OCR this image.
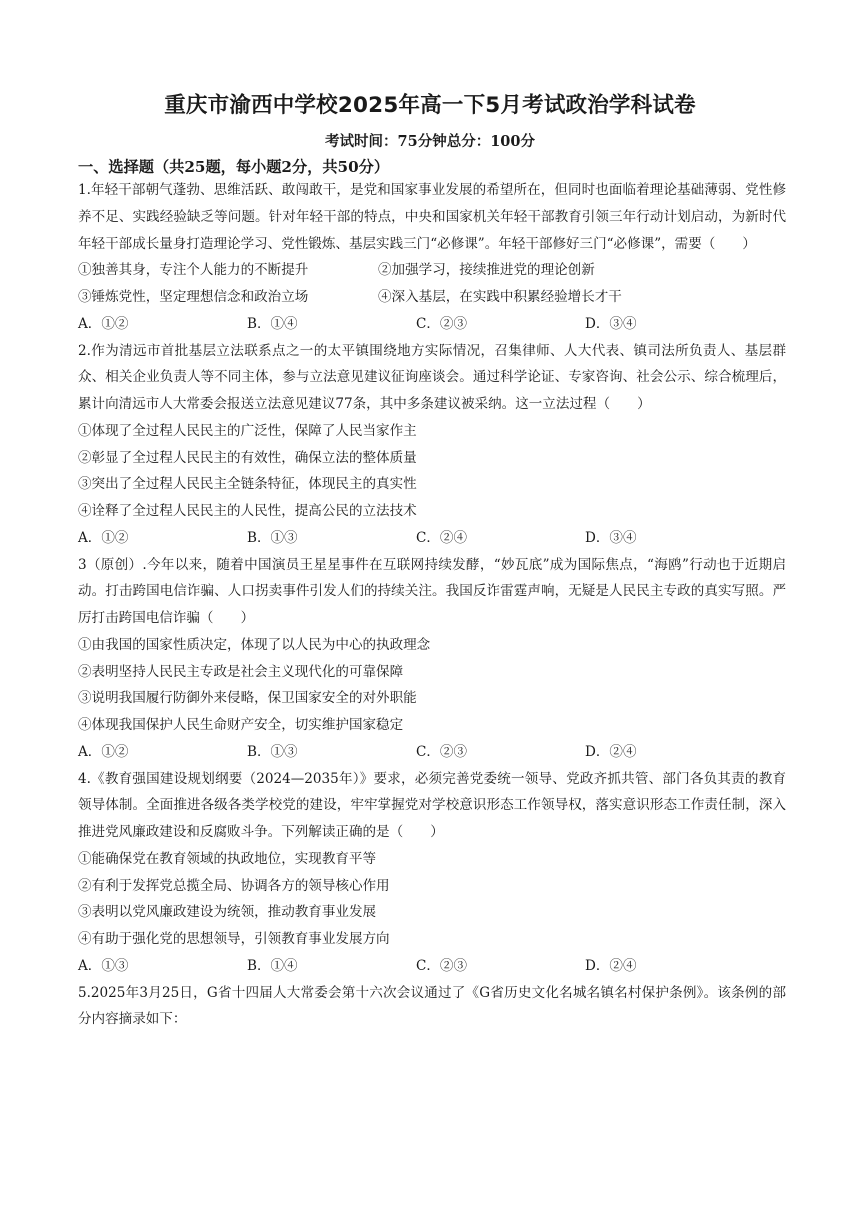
重庆市渝西中学校2025年高一下5月考试政治学科试卷
考试时间：75分钟总分：100分
一、选择题（共25题，每小题2分，共50分）

1.年轻干部朝气蓬勃、思维活跃、敢闯敢干，是党和国家事业发展的希望所在，但同时也面临着理论基础薄弱、党性修养不足、实践经验缺乏等问题。针对年轻干部的特点，中央和国家机关年轻干部教育引领三年行动计划启动，为新时代年轻干部成长量身打造理论学习、党性锻炼、基层实践三门“必修课”。年轻干部修好三门“必修课”，需要（　　）

①独善其身，专注个人能力的不断提升	②加强学习，接续推进党的理论创新
③锤炼党性，坚定理想信念和政治立场	④深入基层，在实践中积累经验增长才干
A．①②	B．①④	C．②③	D．③④

2.作为清远市首批基层立法联系点之一的太平镇围绕地方实际情况，召集律师、人大代表、镇司法所负责人、基层群众、相关企业负责人等不同主体，参与立法意见建议征询座谈会。通过科学论证、专家咨询、社会公示、综合梳理后，累计向清远市人大常委会报送立法意见建议77条，其中多条建议被采纳。这一立法过程（　　）

①体现了全过程人民民主的广泛性，保障了人民当家作主

②彰显了全过程人民民主的有效性，确保立法的整体质量

③突出了全过程人民民主全链条特征，体现民主的真实性

④诠释了全过程人民民主的人民性，提高公民的立法技术

A．①②	B．①③	C．②④	D．③④

3（原创）.今年以来，随着中国演员王星星事件在互联网持续发酵，“妙瓦底”成为国际焦点，“海鸥”行动也于近期启动。打击跨国电信诈骗、人口拐卖事件引发人们的持续关注。我国反诈雷霆声响，无疑是人民民主专政的真实写照。严厉打击跨国电信诈骗（　　）

①由我国的国家性质决定，体现了以人民为中心的执政理念

②表明坚持人民民主专政是社会主义现代化的可靠保障

③说明我国履行防御外来侵略，保卫国家安全的对外职能

④体现我国保护人民生命财产安全，切实维护国家稳定

A．①②	B．①③	C．②③	D．②④

4.《教育强国建设规划纲要（2024—2035年）》要求，必须完善党委统一领导、党政齐抓共管、部门各负其责的教育领导体制。全面推进各级各类学校党的建设，牢牢掌握党对学校意识形态工作领导权，落实意识形态工作责任制，深入推进党风廉政建设和反腐败斗争。下列解读正确的是（　　）

①能确保党在教育领域的执政地位，实现教育平等

②有利于发挥党总揽全局、协调各方的领导核心作用

③表明以党风廉政建设为统领，推动教育事业发展

④有助于强化党的思想领导，引领教育事业发展方向

A．①③	B．①④	C．②③	D．②④

5.2025年3月25日，G省十四届人大常委会第十六次会议通过了《G省历史文化名城名镇名村保护条例》。该条例的部分内容摘录如下：
